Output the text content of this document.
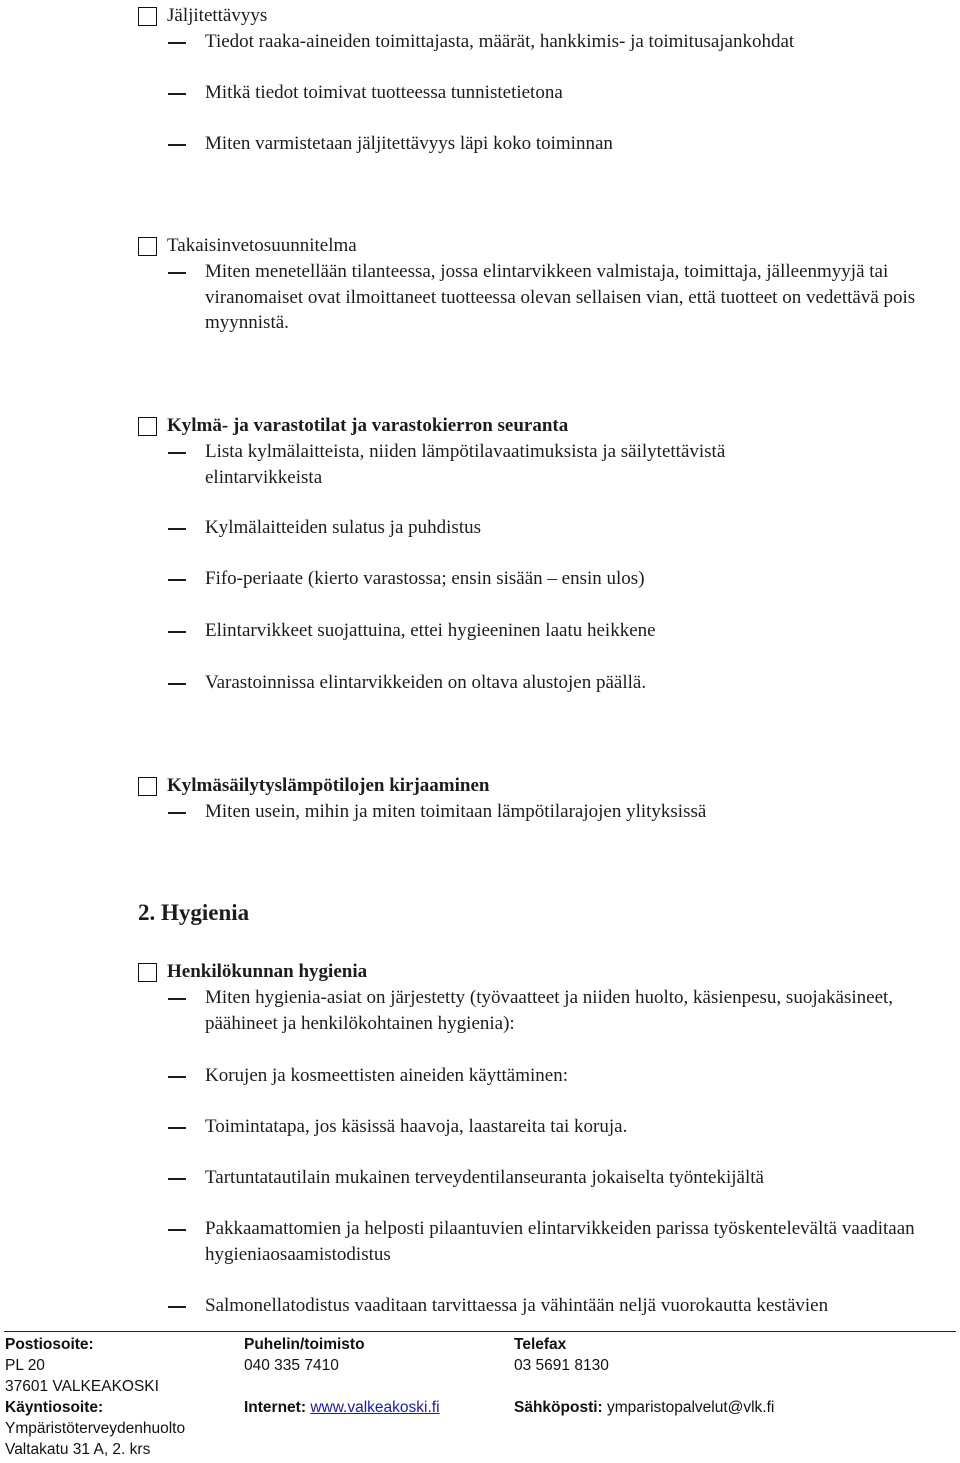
Jäljitettävyys
Tiedot raaka-aineiden toimittajasta, määrät, hankkimis- ja toimitusajankohdat
Mitkä tiedot toimivat tuotteessa tunnistetietona
Miten varmistetaan jäljitettävyys läpi koko toiminnan
Takaisinvetosuunnitelma
Miten menetellään tilanteessa, jossa elintarvikkeen valmistaja, toimittaja, jälleenmyyjä tai viranomaiset ovat ilmoittaneet tuotteessa olevan sellaisen vian, että tuotteet on vedettävä pois myynnistä.
Kylmä- ja varastotilat ja varastokierron seuranta
Lista kylmälaitteista, niiden lämpötilavaatimuksista ja säilytettävistä elintarvikkeista
Kylmälaitteiden sulatus ja puhdistus
Fifo-periaate (kierto varastossa; ensin sisään – ensin ulos)
Elintarvikkeet suojattuina, ettei hygieeninen laatu heikkene
Varastoinnissa elintarvikkeiden on oltava alustojen päällä.
Kylmäsäilytyslämpötilojen kirjaaminen
Miten usein, mihin ja miten toimitaan lämpötilarajojen ylityksissä
2. Hygienia
Henkilökunnan hygienia
Miten hygienia-asiat on järjestetty (työvaatteet ja niiden huolto, käsienpesu, suojakäsineet, päähineet ja henkilökohtainen hygienia):
Korujen ja kosmeettisten aineiden käyttäminen:
Toimintatapa, jos käsissä haavoja, laastareita tai koruja.
Tartuntatautilain mukainen terveydentilanseuranta jokaiselta työntekijältä
Pakkaamattomien ja helposti pilaantuvien elintarvikkeiden parissa työskentelevältä vaaditaan hygieniaosaamistodistus
Salmonellatodistus vaaditaan tarvittaessa ja vähintään neljä vuorokautta kestävien
Postiosoite:
PL 20
37601 VALKEAKOSKI
Käyntiosoite:
Ympäristöterveydenhuolto
Valtakatu 31 A, 2. krs
Puhelin/toimisto
040 335 7410
Internet: www.valkeakoski.fi
Telefax
03 5691 8130
Sähköposti: ymparistopalvelut@vlk.fi
